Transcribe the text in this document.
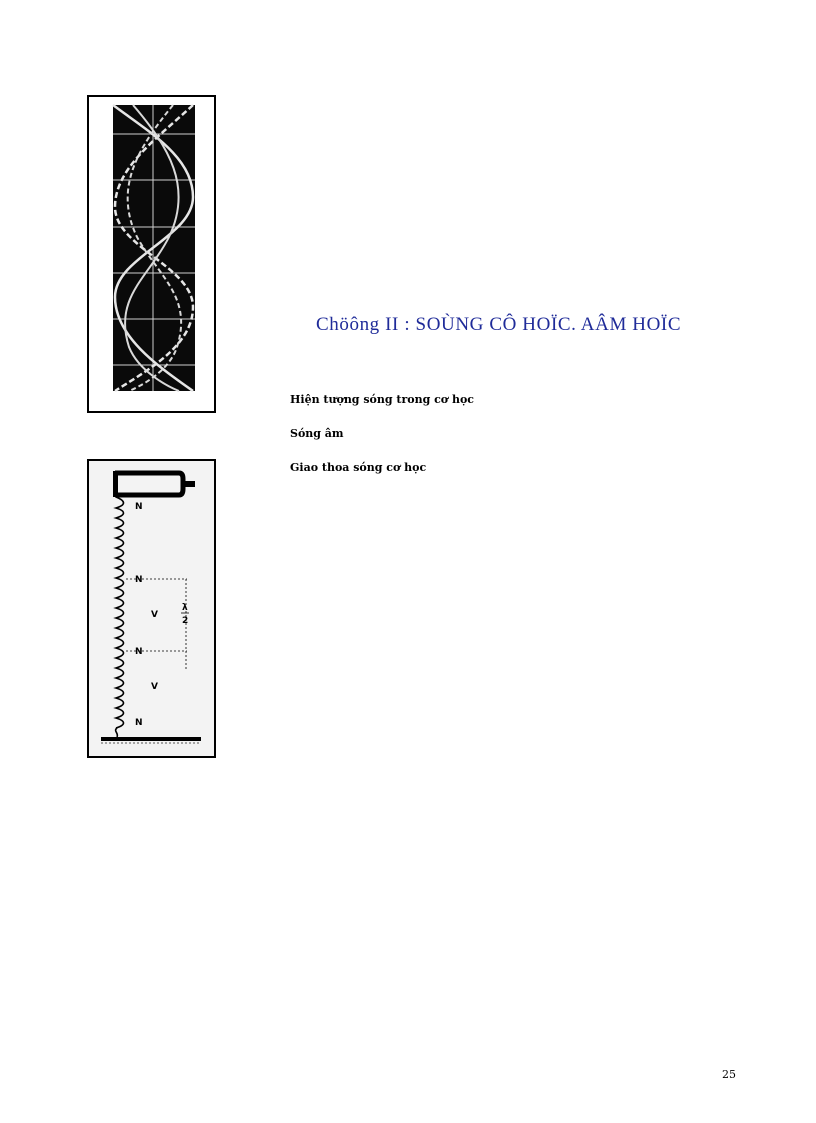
N
N
N
N
V
V
λ
2
Chöông II : SOÙNG CÔ HOÏC. AÂM HOÏC
Hiện tượng sóng trong cơ học
Sóng âm
Giao thoa sóng cơ học
25
